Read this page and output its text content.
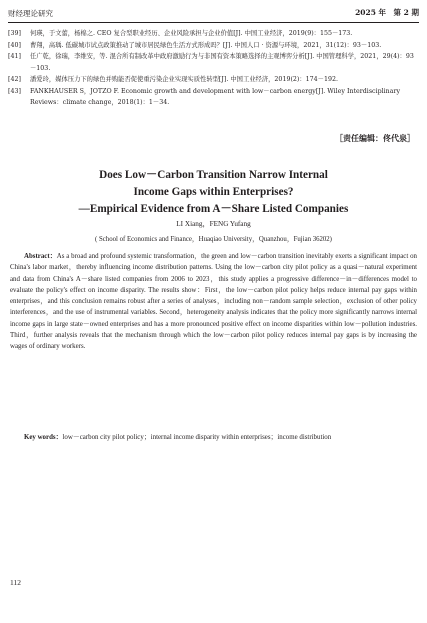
财经理论研究	2025 年　第 2 期
[39]	何瑛，于文蕾，杨棉之. CEO 复合型职业经历、企业风险承担与企业价值[J]. 中国工业经济，2019(9)：155－173.
[40]	曹翔，高瑀. 低碳城市试点政策推动了城市居民绿色生活方式形成吗？[J]. 中国人口 · 资源与环境，2021，31(12)：93－103.
[41]	任广乾，徐瑞，李维安，等. 混合所有制改革中政府激励行为与非国有资本策略选择的主观博弈分析[J]. 中国管理科学，2021，29(4)：93－103.
[42]	潘爱玲，媒体压力下的绿色并购能否促使重污染企业实现实质性转型[J]. 中国工业经济，2019(2)：174－192.
[43]	FANKHAUSER S，JOTZO F. Economic growth and development with low－carbon energy[J]. Wiley Interdisciplinary Reviews：climate change，2018(1)：1－34.
［责任编辑：佟代泉］
Does Low－Carbon Transition Narrow Internal
Income Gaps within Enterprises?
—Empirical Evidence from A－Share Listed Companies
LI Xiang，FENG Yufang
( School of Economics and Finance，Huaqiao University，Quanzhou，Fujian 36202)
Abstract：As a broad and profound systemic transformation，the green and low－carbon transition inevitably exerts a significant impact on China's labor market，thereby influencing income distribution patterns. Using the low－carbon city pilot policy as a quasi－natural experiment and data from China's A－share listed companies from 2006 to 2023，this study applies a progressive difference－in－differences model to evaluate the policy's effect on income disparity. The results show：First，the low－carbon pilot policy helps reduce internal pay gaps within enterprises，and this conclusion remains robust after a series of analyses，including non－random sample selection，exclusion of other policy interferences，and the use of instrumental variables. Second，heterogeneity analysis indicates that the policy more significantly narrows internal income gaps in large state－owned enterprises and has a more pronounced positive effect on income disparities within low－pollution industries. Third，further analysis reveals that the mechanism through which the low－carbon pilot policy reduces internal pay gaps is by increasing the wages of ordinary workers.
Key words：low－carbon city pilot policy；internal income disparity within enterprises；income distribution
112
